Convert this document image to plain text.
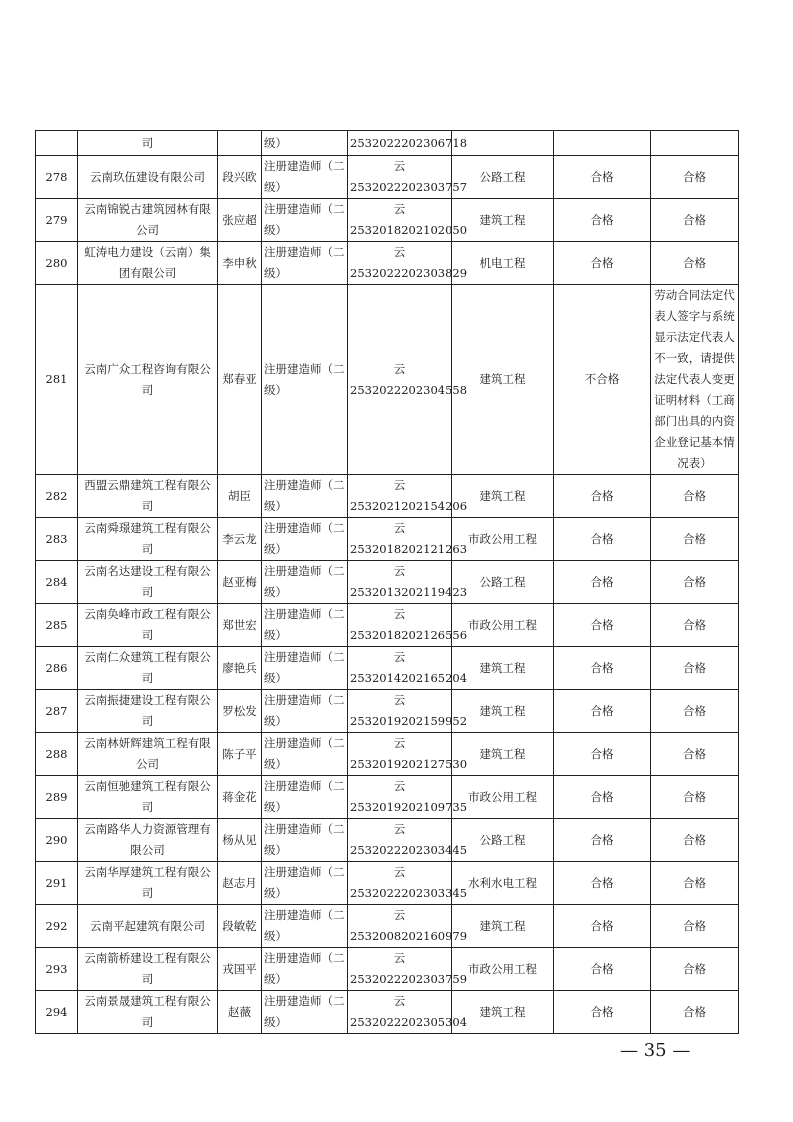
	司		级）	2532022202306718			
278	云南玖伍建设有限公司	段兴欧	注册建造师（二级）	云2532022202303757	公路工程	合格	合格
279	云南锦锐古建筑园林有限公司	张应超	注册建造师（二级）	云2532018202102050	建筑工程	合格	合格
280	虹涛电力建设（云南）集团有限公司	李申秋	注册建造师（二级）	云2532022202303829	机电工程	合格	合格
281	云南广众工程咨询有限公司	郑春亚	注册建造师（二级）	云2532022202304558	建筑工程	不合格	劳动合同法定代表人签字与系统显示法定代表人不一致，请提供法定代表人变更证明材料（工商部门出具的内资企业登记基本情况表）
282	西盟云鼎建筑工程有限公司	胡臣	注册建造师（二级）	云2532021202154206	建筑工程	合格	合格
283	云南舜璟建筑工程有限公司	李云龙	注册建造师（二级）	云2532018202121263	市政公用工程	合格	合格
284	云南名达建设工程有限公司	赵亚梅	注册建造师（二级）	云2532013202119423	公路工程	合格	合格
285	云南奂峰市政工程有限公司	郑世宏	注册建造师（二级）	云2532018202126556	市政公用工程	合格	合格
286	云南仁众建筑工程有限公司	廖艳兵	注册建造师（二级）	云2532014202165204	建筑工程	合格	合格
287	云南振捷建设工程有限公司	罗松发	注册建造师（二级）	云2532019202159952	建筑工程	合格	合格
288	云南林妍辉建筑工程有限公司	陈子平	注册建造师（二级）	云2532019202127530	建筑工程	合格	合格
289	云南恒驰建筑工程有限公司	蒋金花	注册建造师（二级）	云2532019202109735	市政公用工程	合格	合格
290	云南路华人力资源管理有限公司	杨从见	注册建造师（二级）	云2532022202303445	公路工程	合格	合格
291	云南华厚建筑工程有限公司	赵志月	注册建造师（二级）	云2532022202303345	水利水电工程	合格	合格
292	云南平起建筑有限公司	段敏乾	注册建造师（二级）	云2532008202160979	建筑工程	合格	合格
293	云南箭桥建设工程有限公司	戎国平	注册建造师（二级）	云2532022202303759	市政公用工程	合格	合格
294	云南景晟建筑工程有限公司	赵薇	注册建造师（二级）	云2532022202305304	建筑工程	合格	合格
— 35 —
